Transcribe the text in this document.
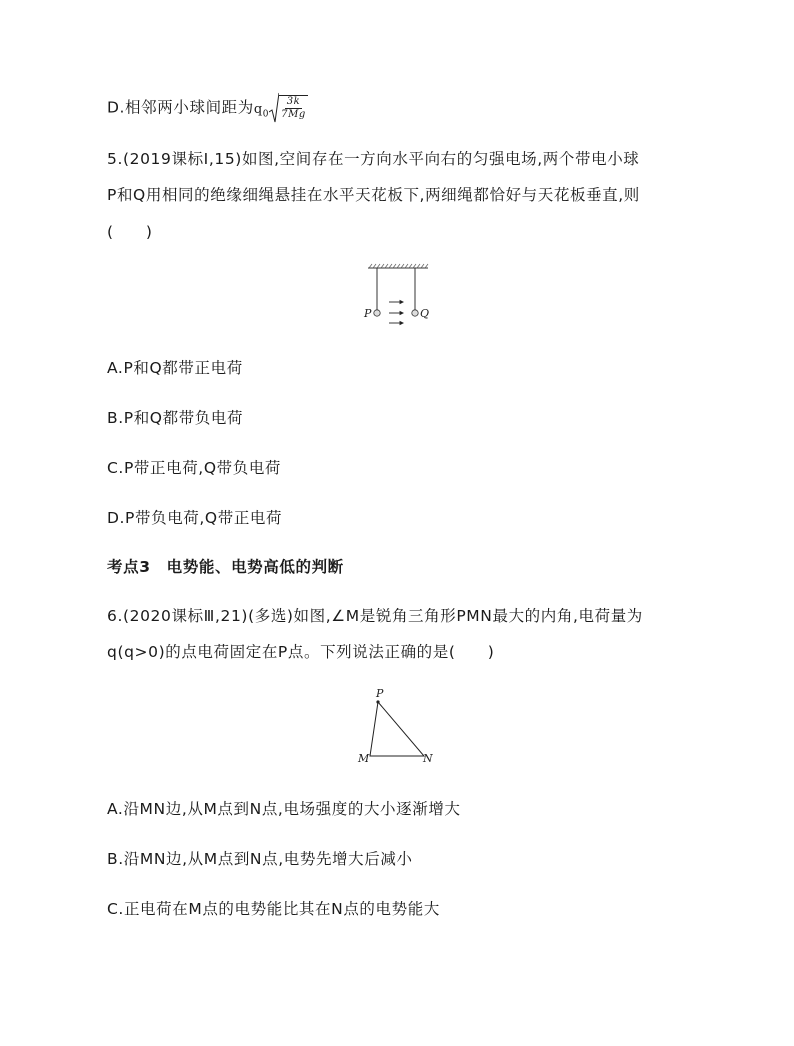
D.相邻两小球间距为$q_0 \frac{3k}{7Mg}$
5.(2019课标Ⅰ,15)如图,空间存在一方向水平向右的匀强电场,两个带电小球
P和Q用相同的绝缘细绳悬挂在水平天花板下,两细绳都恰好与天花板垂直,则
(　　)
P	Q
A.P和Q都带正电荷
B.P和Q都带负电荷
C.P带正电荷,Q带负电荷
D.P带负电荷,Q带正电荷
考点3　电势能、电势高低的判断
6.(2020课标Ⅲ,21)(多选)如图,∠M是锐角三角形PMN最大的内角,电荷量为
q(q>0)的点电荷固定在P点。下列说法正确的是(　　)
P
M	N
A.沿MN边,从M点到N点,电场强度的大小逐渐增大
B.沿MN边,从M点到N点,电势先增大后减小
C.正电荷在M点的电势能比其在N点的电势能大
